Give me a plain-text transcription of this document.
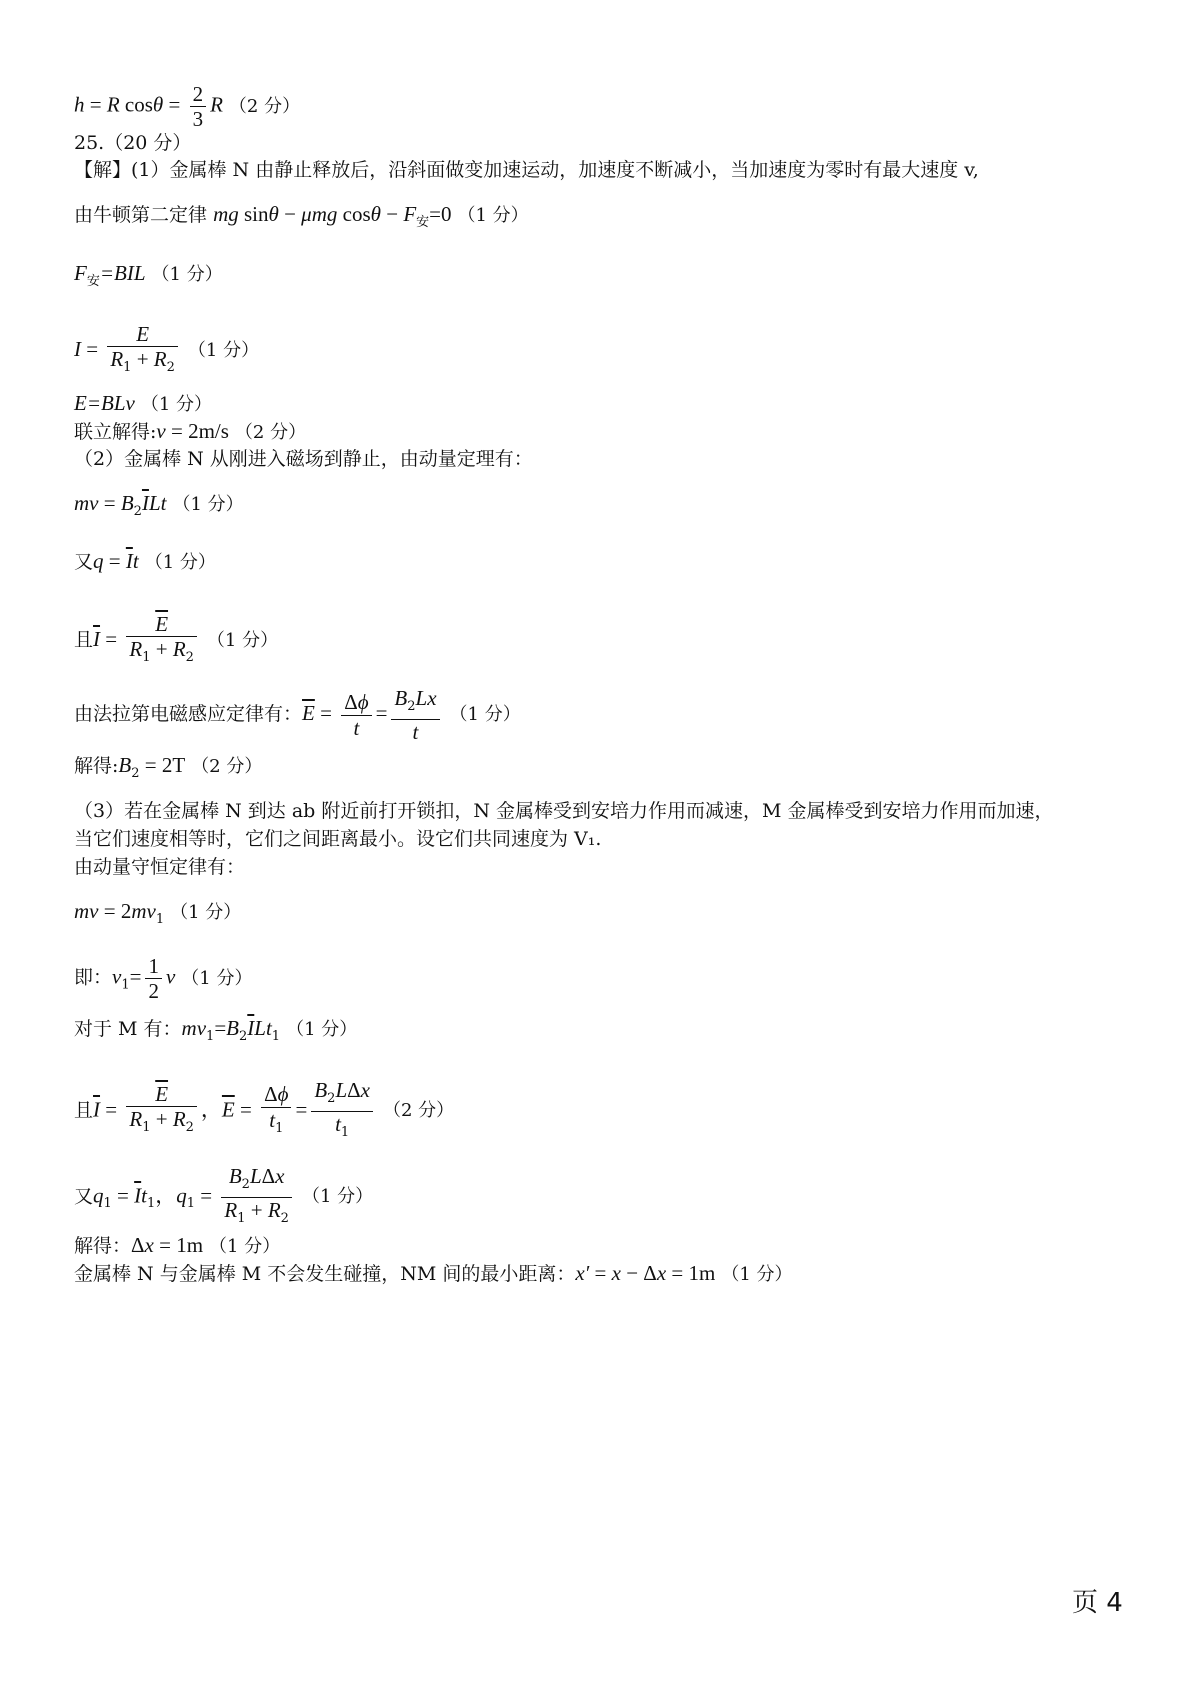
h = R $\cos\theta = \frac{2}{3}$ R （2 分）
25.（20 分）
【解】(1）金属棒 N 由静止释放后，沿斜面做变加速运动，加速度不断减小，当加速度为零时有最大速度 v,
由牛顿第二定律 mg sinθ − μmg $\cos\theta - F_安=0$ （1 分）
$F_安=BIL$ （1 分）
$I = \frac{E}{R_1 + R_2} (1$ 分）
E=BLv （1 分）
联立解得:v = 2m/s （2 分）
（2）金属棒 N 从刚进入磁场到静止，由动量定理有：
mv = $B_2\overline{I}Lt$ （1 分）
又$q = \overline{I}t$ （1 分）
且$\overline{I} = \frac{\overline{E}}{R_1 + R_2} (1$ 分）
由法拉第电磁感应定律有：$\overline{E} = \frac{\Delta\phi}{t} = \frac{B_2Lx}{t} (1$ 分）
解得$:B_2 = 2T$ （2 分）
（3）若在金属棒 N 到达 ab 附近前打开锁扣，N 金属棒受到安培力作用而减速，M 金属棒受到安培力作用而加速，
当它们速度相等时，它们之间距离最小。设它们共同速度为 V₁.
由动量守恒定律有：
mv = $2mv_1$ （1 分）
即：$v_1= \frac{1}{2}$ v （1 分）
对于 M 有：$mv_1=B_2\overline{I}Lt_1$ （1 分）
且$\overline{I} = \frac{\overline{E}}{R_1 + R_2}$ ，$\overline{E} = \frac{\Delta\phi}{t_1} = \frac{B_2L\Delta x}{t_1} (2$ 分）
又$q_1 = \overline{I}t_1$，$q_1 = \frac{B_2L\Delta x}{R_1 + R_2} (1$ 分）
解得：Δx = 1m （1 分）
金属棒 N 与金属棒 M 不会发生碰撞，NM 间的最小距离：x′ = x − Δx = 1m （1 分）
页 4
